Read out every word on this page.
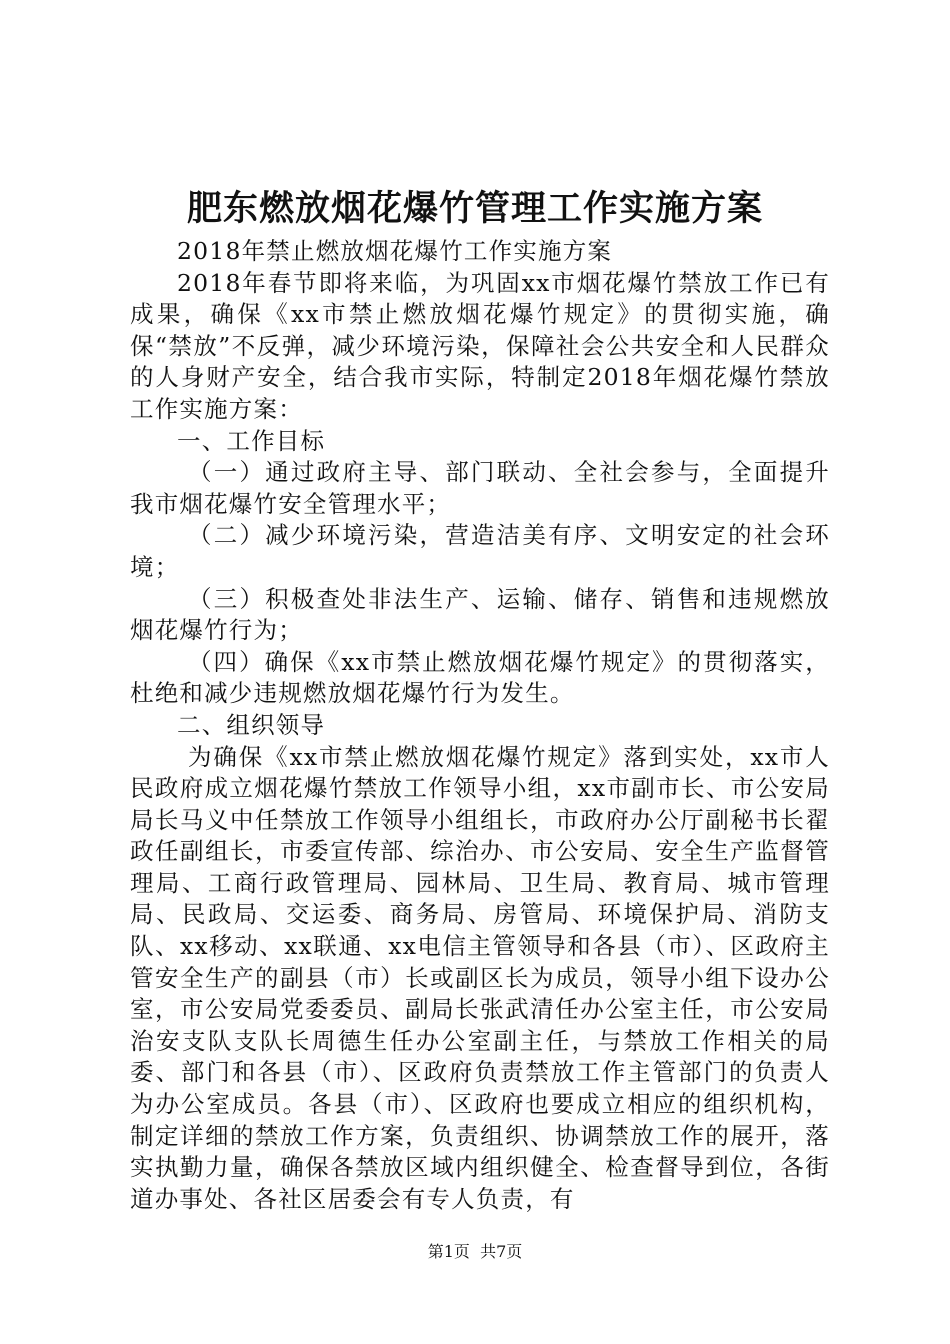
肥东燃放烟花爆竹管理工作实施方案

2018年禁止燃放烟花爆竹工作实施方案

2018年春节即将来临，为巩固xx市烟花爆竹禁放工作已有成果，确保《xx市禁止燃放烟花爆竹规定》的贯彻实施，确保“禁放”不反弹，减少环境污染，保障社会公共安全和人民群众的人身财产安全，结合我市实际，特制定2018年烟花爆竹禁放工作实施方案：

一、工作目标

（一）通过政府主导、部门联动、全社会参与，全面提升我市烟花爆竹安全管理水平；

（二）减少环境污染，营造洁美有序、文明安定的社会环境；

（三）积极查处非法生产、运输、储存、销售和违规燃放烟花爆竹行为；

（四）确保《xx市禁止燃放烟花爆竹规定》的贯彻落实，杜绝和减少违规燃放烟花爆竹行为发生。

二、组织领导

为确保《xx市禁止燃放烟花爆竹规定》落到实处，xx市人民政府成立烟花爆竹禁放工作领导小组，xx市副市长、市公安局局长马义中任禁放工作领导小组组长，市政府办公厅副秘书长翟政任副组长，市委宣传部、综治办、市公安局、安全生产监督管理局、工商行政管理局、园林局、卫生局、教育局、城市管理局、民政局、交运委、商务局、房管局、环境保护局、消防支队、xx移动、xx联通、xx电信主管领导和各县（市）、区政府主管安全生产的副县（市）长或副区长为成员，领导小组下设办公室，市公安局党委委员、副局长张武清任办公室主任，市公安局治安支队支队长周德生任办公室副主任，与禁放工作相关的局委、部门和各县（市）、区政府负责禁放工作主管部门的负责人为办公室成员。各县（市）、区政府也要成立相应的组织机构，制定详细的禁放工作方案，负责组织、协调禁放工作的展开，落实执勤力量，确保各禁放区域内组织健全、检查督导到位，各街道办事处、各社区居委会有专人负责，有

第1页 共7页
